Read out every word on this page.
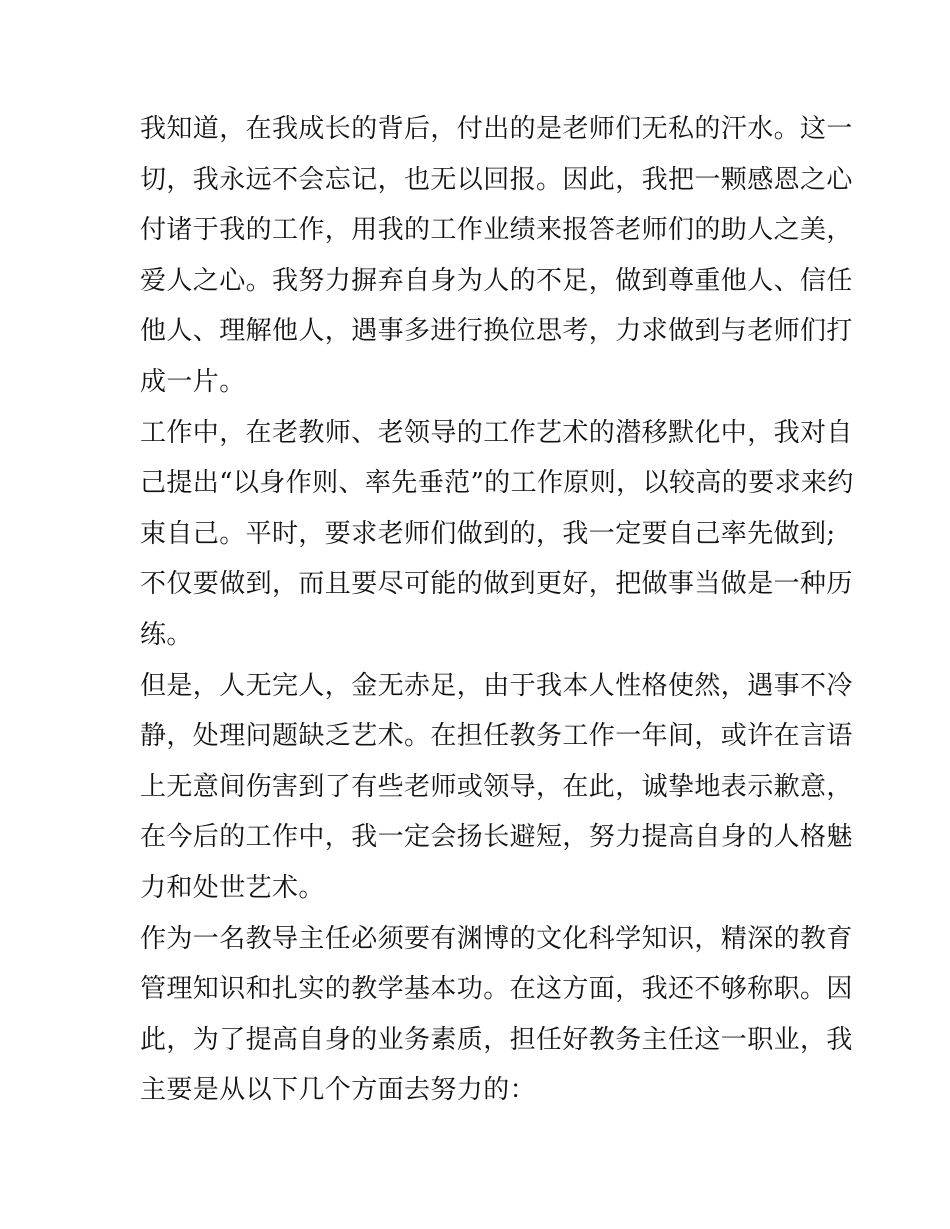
我知道，在我成长的背后，付出的是老师们无私的汗水。这一
切，我永远不会忘记，也无以回报。因此，我把一颗感恩之心
付诸于我的工作，用我的工作业绩来报答老师们的助人之美，
爱人之心。我努力摒弃自身为人的不足，做到尊重他人、信任
他人、理解他人，遇事多进行换位思考，力求做到与老师们打
成一片。
工作中，在老教师、老领导的工作艺术的潜移默化中，我对自
己提出“以身作则、率先垂范”的工作原则，以较高的要求来约
束自己。平时，要求老师们做到的，我一定要自己率先做到;
不仅要做到，而且要尽可能的做到更好，把做事当做是一种历
练。
但是，人无完人，金无赤足，由于我本人性格使然，遇事不冷
静，处理问题缺乏艺术。在担任教务工作一年间，或许在言语
上无意间伤害到了有些老师或领导，在此，诚挚地表示歉意，
在今后的工作中，我一定会扬长避短，努力提高自身的人格魅
力和处世艺术。
作为一名教导主任必须要有渊博的文化科学知识，精深的教育
管理知识和扎实的教学基本功。在这方面，我还不够称职。因
此，为了提高自身的业务素质，担任好教务主任这一职业，我
主要是从以下几个方面去努力的：
